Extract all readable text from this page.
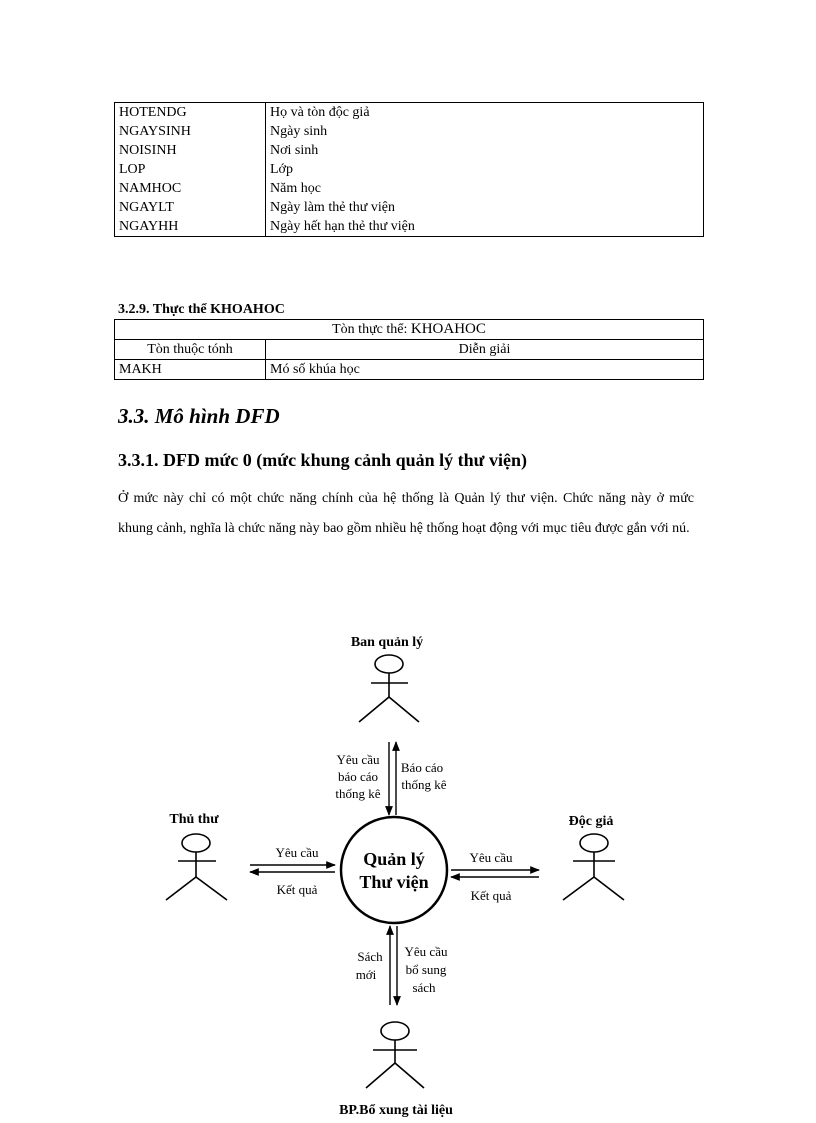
HOTENDG	Họ và tòn độc giả
NGAYSINH	Ngày sinh
NOISINH	Nơi sinh
LOP	Lớp
NAMHOC	Năm học
NGAYLT	Ngày làm thẻ thư viện
NGAYHH	Ngày hết hạn thẻ thư viện
3.2.9. Thực thể KHOAHOC
Tòn thực thể: KHOAHOC	
Tòn thuộc tónh	Diễn giải
MAKH	Mó số khúa học
3.3. Mô hình DFD
3.3.1. DFD mức 0 (mức khung cảnh quản lý thư viện)
Ở mức này chỉ có một chức năng chính của hệ thống là Quản lý thư viện. Chức năng này ở mức khung cảnh, nghĩa là chức năng này bao gồm nhiều hệ thống hoạt động với mục tiêu được gắn với nú.
Quản lý
Thư viện
Ban quản lý
Thủ thư	Độc giả
BP.Bổ xung tài liệu
Yêu cầu
báo cáo
thống kê
Báo cáo
thống kê
Yêu cầu
Kết quả
Yêu cầu
Kết quả
Sách
mới
Yêu cầu
bổ sung
sách
